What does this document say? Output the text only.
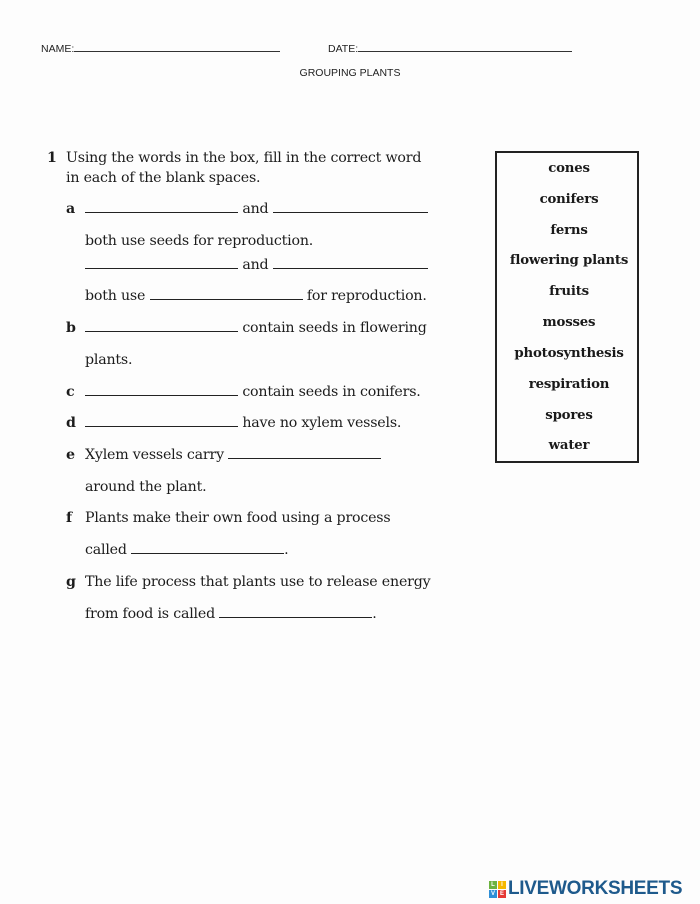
NAME:	DATE:
GROUPING PLANTS
1 Using the words in the box, fill in the correct word
in each of the blank spaces.
a	and
both use seeds for reproduction.
and
both use	for reproduction.
b	contain seeds in flowering
plants.
c	contain seeds in conifers.
d	have no xylem vessels.
e Xylem vessels carry
around the plant.
f Plants make their own food using a process
called	.
g The life process that plants use to release energy
from food is called	.
cones
conifers
ferns
flowering plants
fruits
mosses
photosynthesis
respiration
spores
water
L	I
V E LIVEWORKSHEETS
